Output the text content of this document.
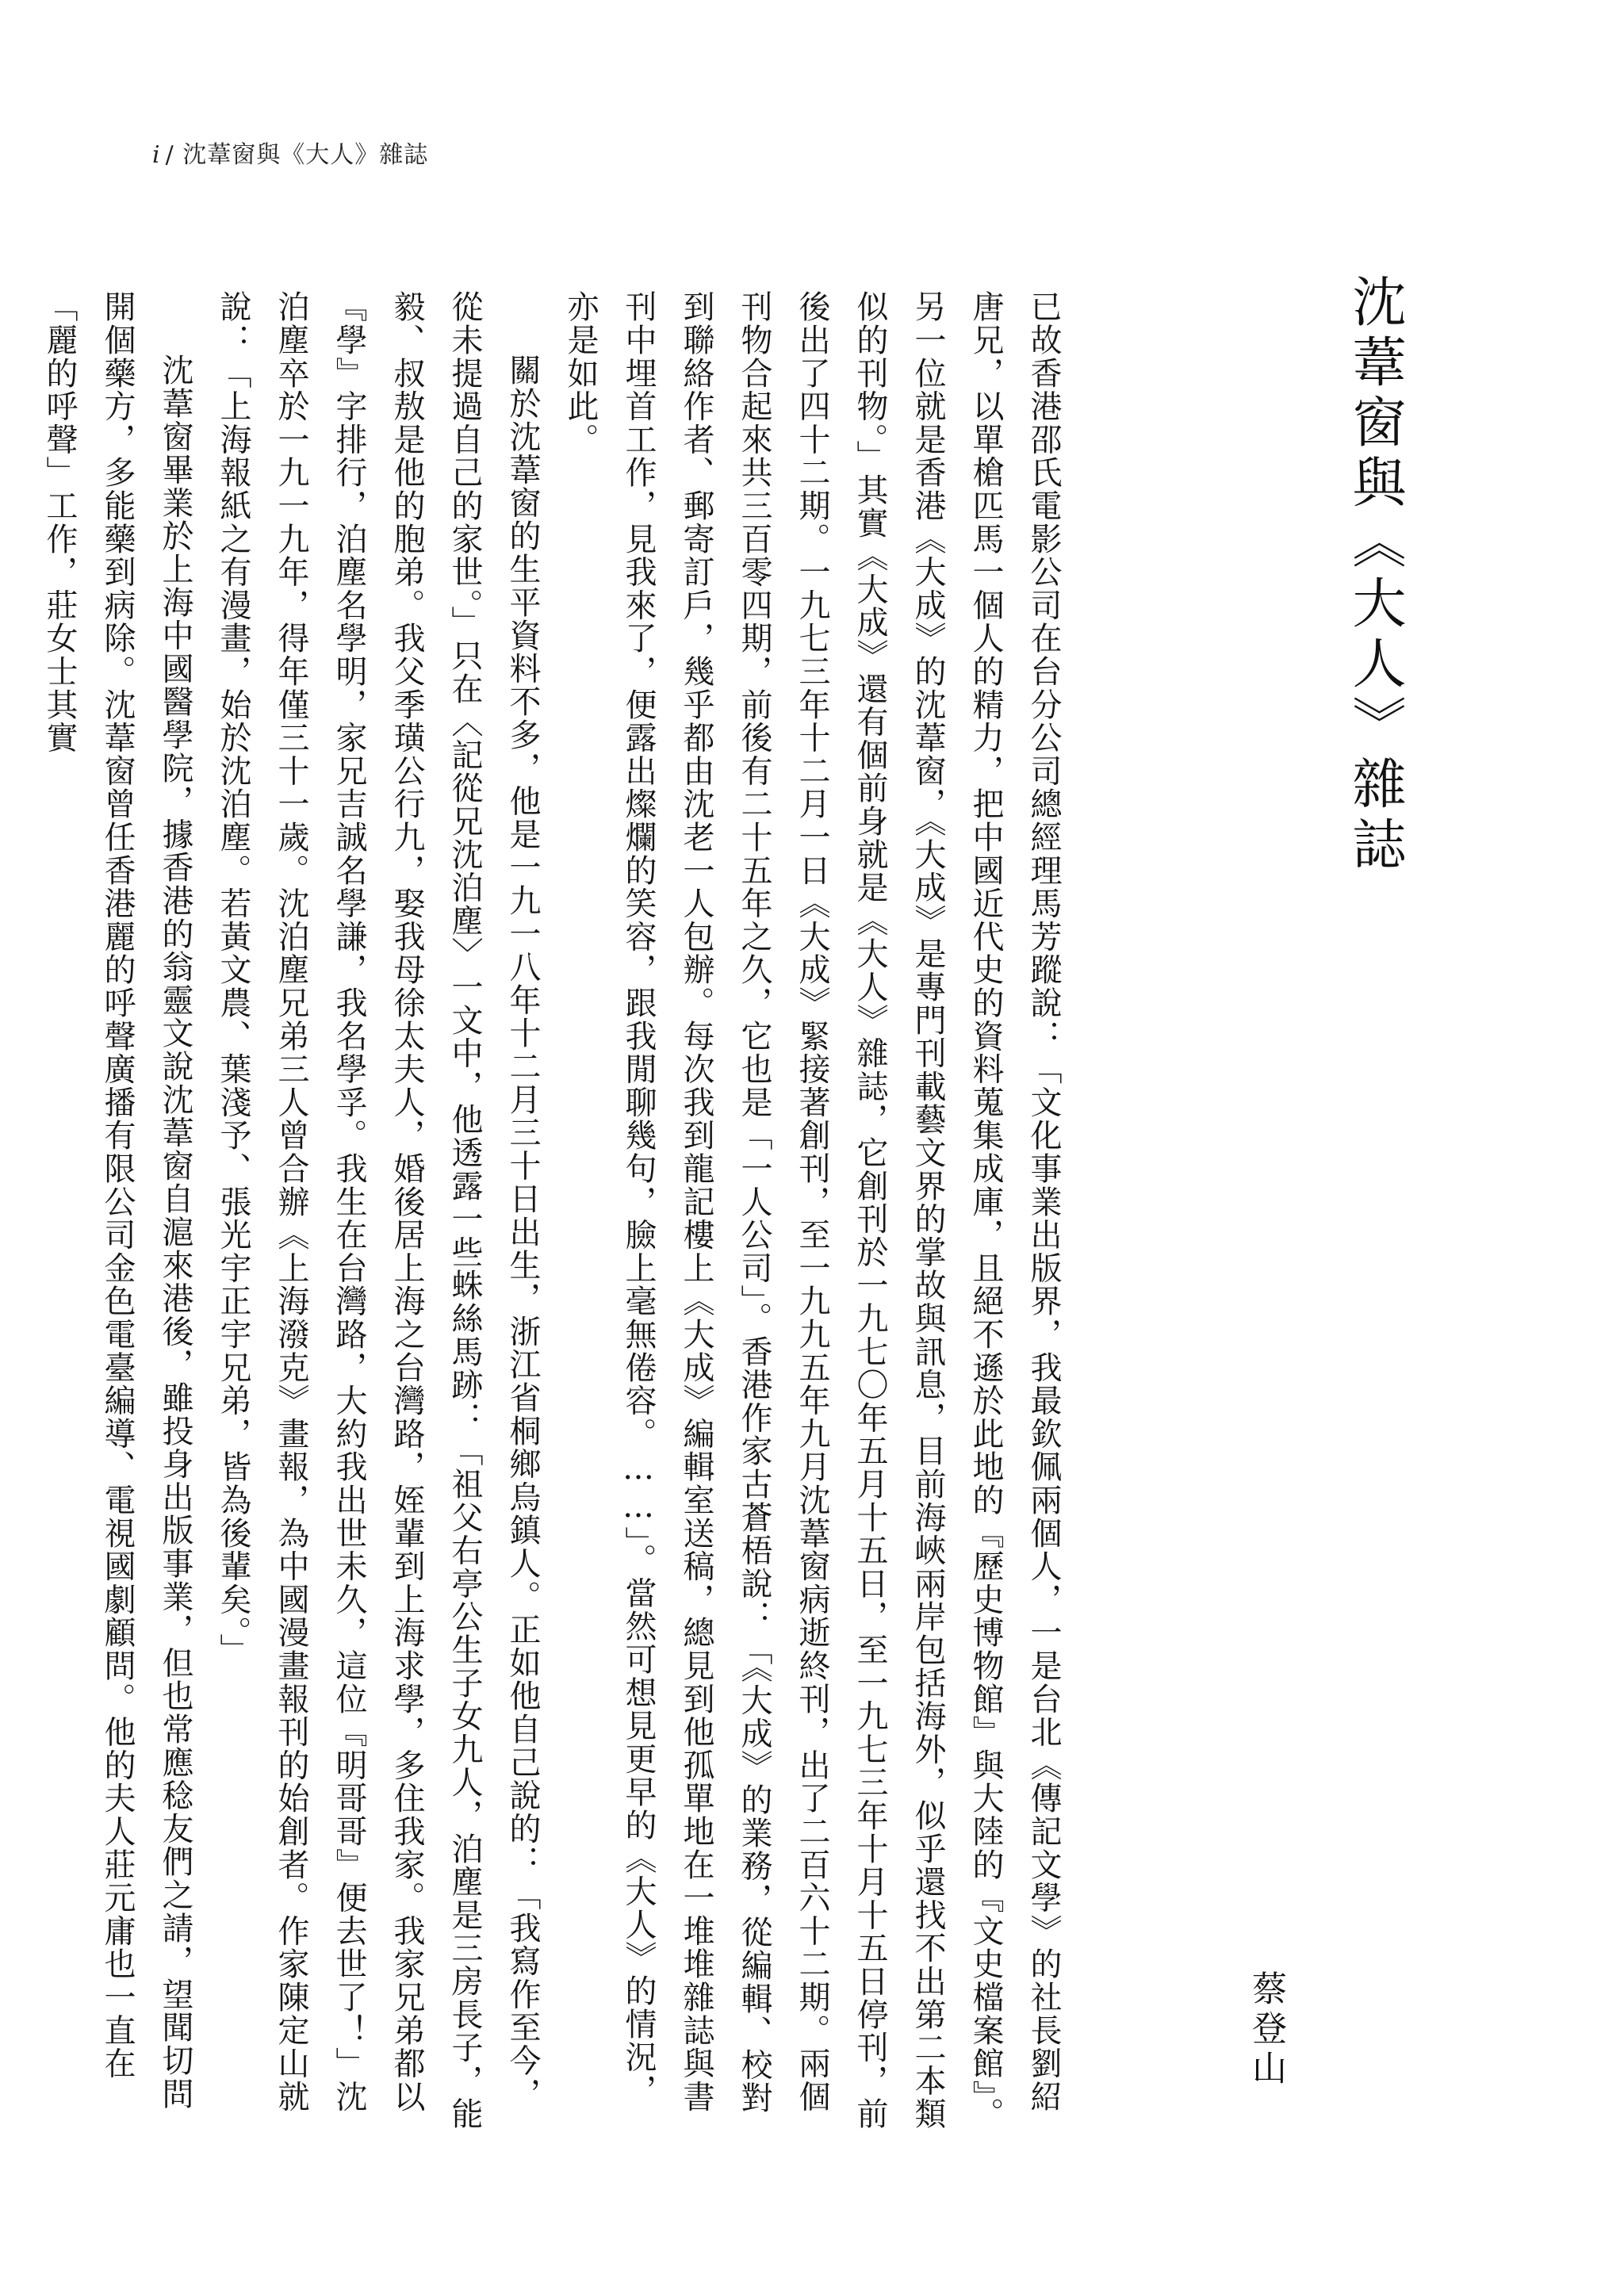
i / 沈葦窗與《大人》雜誌
沈葦窗與《大人》雜誌
蔡登山

已故香港邵氏電影公司在台分公司總經理馬芳蹤說：「文化事業出版界，我最欽佩兩個人，一是台北《傳記文學》的社長劉紹唐兄，以單槍匹馬一個人的精力，把中國近代史的資料蒐集成庫，且絕不遜於此地的『歷史博物館』與大陸的『文史檔案館』。另一位就是香港《大成》的沈葦窗，《大成》是專門刊載藝文界的掌故與訊息，目前海峽兩岸包括海外，似乎還找不出第二本類似的刊物。」其實《大成》還有個前身就是《大人》雜誌，它創刊於一九七〇年五月十五日，至一九七三年十月十五日停刊，前後出了四十二期。一九七三年十二月一日《大成》緊接著創刊，至一九九五年九月沈葦窗病逝終刊，出了二百六十二期。兩個刊物合起來共三百零四期，前後有二十五年之久，它也是「一人公司」。香港作家古蒼梧說：「《大成》的業務，從編輯、校對到聯絡作者、郵寄訂戶，幾乎都由沈老一人包辦。每次我到龍記樓上《大成》編輯室送稿，總見到他孤單地在一堆堆雜誌與書刊中埋首工作，見我來了，便露出燦爛的笑容，跟我閒聊幾句，臉上毫無倦容。……」。當然可想見更早的《大人》的情況，亦是如此。

關於沈葦窗的生平資料不多，他是一九一八年十二月三十日出生，浙江省桐鄉烏鎮人。正如他自己說的：「我寫作至今，從未提過自己的家世。」只在〈記從兄沈泊塵〉一文中，他透露一些蛛絲馬跡：「祖父右亭公生子女九人，泊塵是三房長子，能毅、叔敖是他的胞弟。我父季璜公行九，娶我母徐太夫人，婚後居上海之台灣路，姪輩到上海求學，多住我家。我家兄弟都以『學』字排行，泊塵名學明，家兄吉誠名學謙，我名學孚。我生在台灣路，大約我出世未久，這位『明哥哥』便去世了！」沈泊塵卒於一九一九年，得年僅三十一歲。沈泊塵兄弟三人曾合辦《上海潑克》畫報，為中國漫畫報刊的始創者。作家陳定山就說：「上海報紙之有漫畫，始於沈泊塵。若黃文農、葉淺予、張光宇正宇兄弟，皆為後輩矣。」

沈葦窗畢業於上海中國醫學院，據香港的翁靈文說沈葦窗自滬來港後，雖投身出版事業，但也常應稔友們之請，望聞切問開個藥方，多能藥到病除。沈葦窗曾任香港麗的呼聲廣播有限公司金色電臺編導、電視國劇顧問。他的夫人莊元庸也一直在「麗的呼聲」工作，莊女士其實
